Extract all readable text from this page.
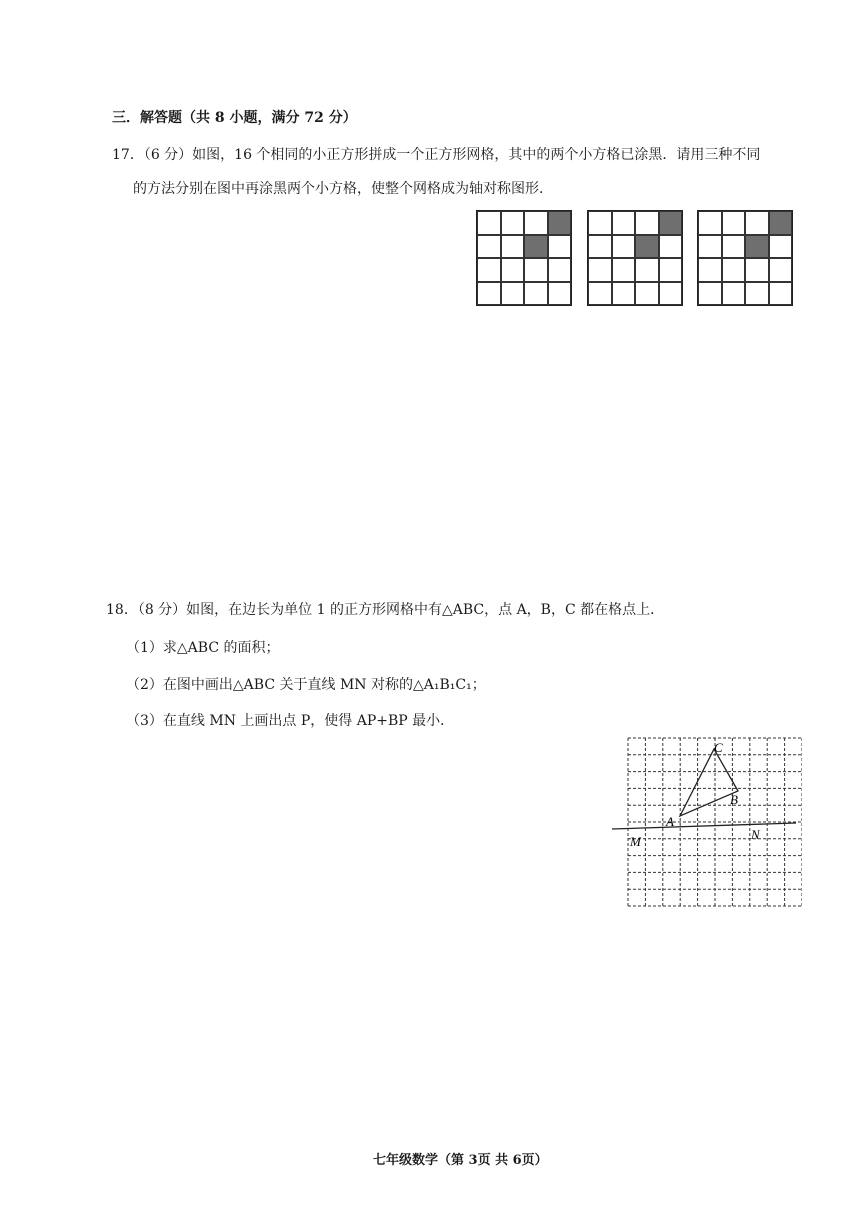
三．解答题（共 8 小题，满分 72 分）
17．（6 分）如图，16 个相同的小正方形拼成一个正方形网格，其中的两个小方格已涂黑．请用三种不同
的方法分别在图中再涂黑两个小方格，使整个网格成为轴对称图形．
18．（8 分）如图，在边长为单位 1 的正方形网格中有△ABC，点 A，B，C 都在格点上．
（1）求△ABC 的面积；
（2）在图中画出△ABC 关于直线 MN 对称的△A₁B₁C₁；
（3）在直线 MN 上画出点 P，使得 AP+BP 最小．
C
B
A
M	N
七年级数学（第 3页 共 6页）
